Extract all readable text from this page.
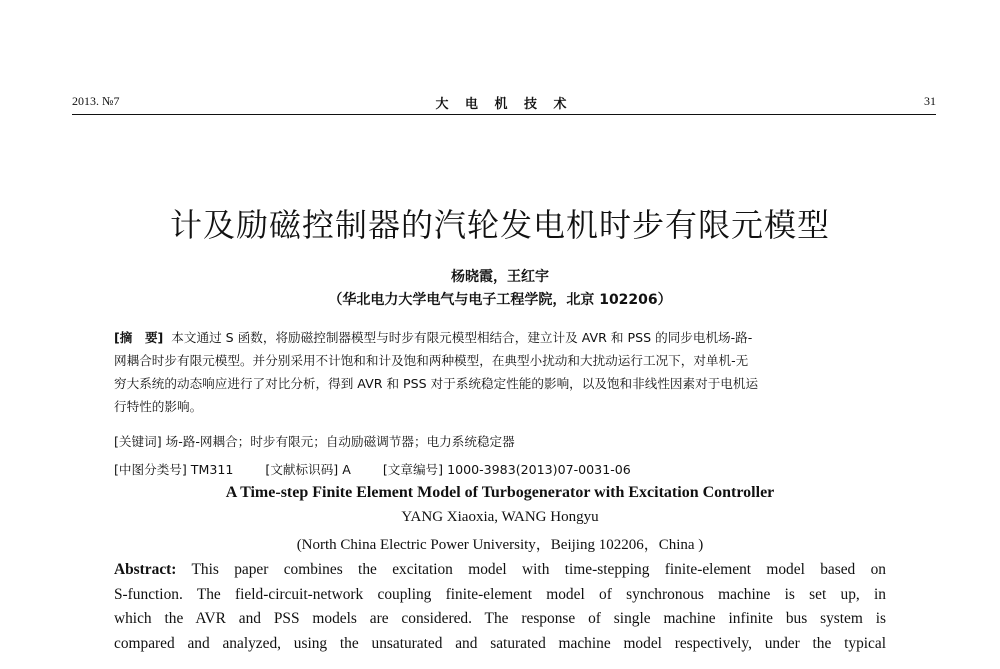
2013. №7	大 电 机 技 术	31
计及励磁控制器的汽轮发电机时步有限元模型
杨晓霞，王红宇
（华北电力大学电气与电子工程学院，北京 102206）
[摘　要] 本文通过 S 函数，将励磁控制器模型与时步有限元模型相结合，建立计及 AVR 和 PSS 的同步电机场-路-
网耦合时步有限元模型。并分别采用不计饱和和计及饱和两种模型，在典型小扰动和大扰动运行工况下，对单机-无
穷大系统的动态响应进行了对比分析，得到 AVR 和 PSS 对于系统稳定性能的影响，以及饱和非线性因素对于电机运
行特性的影响。
[关键词] 场-路-网耦合；时步有限元；自动励磁调节器；电力系统稳定器
[中图分类号] TM311	[文献标识码] A	[文章编号] 1000-3983(2013)07-0031-06
A Time-step Finite Element Model of Turbogenerator with Excitation Controller
YANG Xiaoxia, WANG Hongyu
(North China Electric Power University，Beijing 102206，China )
Abstract: This paper combines the excitation model with time-stepping finite-element model based on
S-function. The field-circuit-network coupling finite-element model of synchronous machine is set up, in
which the AVR and PSS models are considered. The response of single machine infinite bus system is
compared and analyzed, using the unsaturated and saturated machine model respectively, under the typical
